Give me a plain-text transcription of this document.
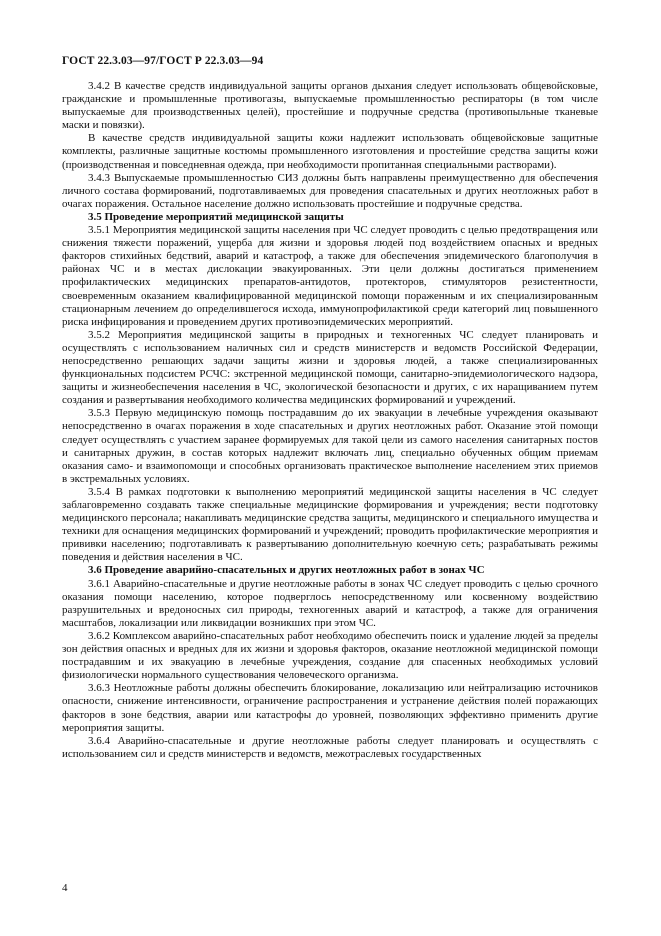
ГОСТ 22.3.03—97/ГОСТ Р 22.3.03—94

3.4.2 В качестве средств индивидуальной защиты органов дыхания следует использовать общевойсковые, гражданские и промышленные противогазы, выпускаемые промышленностью респираторы (в том числе выпускаемые для производственных целей), простейшие и подручные средства (противопыльные тканевые маски и повязки).

В качестве средств индивидуальной защиты кожи надлежит использовать общевойсковые защитные комплекты, различные защитные костюмы промышленного изготовления и простейшие средства защиты кожи (производственная и повседневная одежда, при необходимости пропитанная специальными растворами).

3.4.3 Выпускаемые промышленностью СИЗ должны быть направлены преимущественно для обеспечения личного состава формирований, подготавливаемых для проведения спасательных и других неотложных работ в очагах поражения. Остальное население должно использовать простейшие и подручные средства.

3.5 Проведение мероприятий медицинской защиты

3.5.1 Мероприятия медицинской защиты населения при ЧС следует проводить с целью предотвращения или снижения тяжести поражений, ущерба для жизни и здоровья людей под воздействием опасных и вредных факторов стихийных бедствий, аварий и катастроф, а также для обеспечения эпидемического благополучия в районах ЧС и в местах дислокации эвакуированных. Эти цели должны достигаться применением профилактических медицинских препаратов-антидотов, протекторов, стимуляторов резистентности, своевременным оказанием квалифицированной медицинской помощи пораженным и их специализированным стационарным лечением до определившегося исхода, иммунопрофилактикой среди категорий лиц повышенного риска инфицирования и проведением других противоэпидемических мероприятий.

3.5.2 Мероприятия медицинской защиты в природных и техногенных ЧС следует планировать и осуществлять с использованием наличных сил и средств министерств и ведомств Российской Федерации, непосредственно решающих задачи защиты жизни и здоровья людей, а также специализированных функциональных подсистем РСЧС: экстренной медицинской помощи, санитарно-эпидемиологического надзора, защиты и жизнеобеспечения населения в ЧС, экологической безопасности и других, с их наращиванием путем создания и развертывания необходимого количества медицинских формирований и учреждений.

3.5.3 Первую медицинскую помощь пострадавшим до их эвакуации в лечебные учреждения оказывают непосредственно в очагах поражения в ходе спасательных и других неотложных работ. Оказание этой помощи следует осуществлять с участием заранее формируемых для такой цели из самого населения санитарных постов и санитарных дружин, в состав которых надлежит включать лиц, специально обученных общим приемам оказания само- и взаимопомощи и способных организовать практическое выполнение населением этих приемов в экстремальных условиях.

3.5.4 В рамках подготовки к выполнению мероприятий медицинской защиты населения в ЧС следует заблаговременно создавать также специальные медицинские формирования и учреждения; вести подготовку медицинского персонала; накапливать медицинские средства защиты, медицинского и специального имущества и техники для оснащения медицинских формирований и учреждений; проводить профилактические мероприятия и прививки населению; подготавливать к развертыванию дополнительную коечную сеть; разрабатывать режимы поведения и действия населения в ЧС.

3.6 Проведение аварийно-спасательных и других неотложных работ в зонах ЧС

3.6.1 Аварийно-спасательные и другие неотложные работы в зонах ЧС следует проводить с целью срочного оказания помощи населению, которое подверглось непосредственному или косвенному воздействию разрушительных и вредоносных сил природы, техногенных аварий и катастроф, а также для ограничения масштабов, локализации или ликвидации возникших при этом ЧС.

3.6.2 Комплексом аварийно-спасательных работ необходимо обеспечить поиск и удаление людей за пределы зон действия опасных и вредных для их жизни и здоровья факторов, оказание неотложной медицинской помощи пострадавшим и их эвакуацию в лечебные учреждения, создание для спасенных необходимых условий физиологически нормального существования человеческого организма.

3.6.3 Неотложные работы должны обеспечить блокирование, локализацию или нейтрализацию источников опасности, снижение интенсивности, ограничение распространения и устранение действия полей поражающих факторов в зоне бедствия, аварии или катастрофы до уровней, позволяющих эффективно применить другие мероприятия защиты.

3.6.4 Аварийно-спасательные и другие неотложные работы следует планировать и осуществлять с использованием сил и средств министерств и ведомств, межотраслевых государственных

4
